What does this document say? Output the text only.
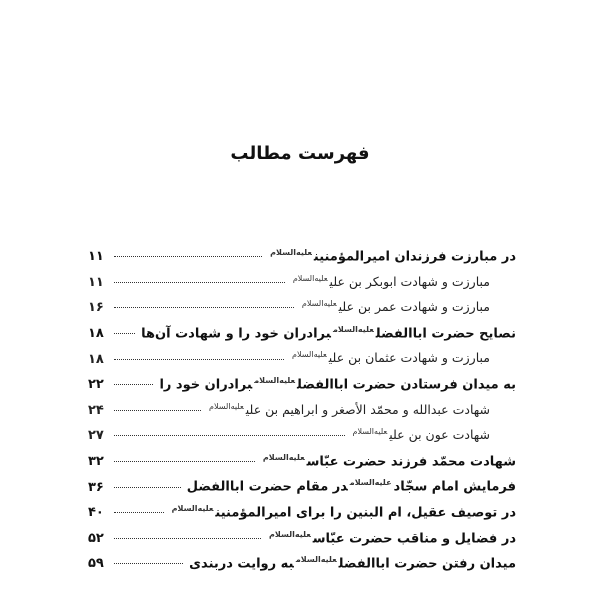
فهرست مطالب
در مبارزت فرزندان امیرالمؤمنین$^{عليه‌السلام}$
۱۱
مبارزت و شهادت ابوبکر بن علی$^{عليه‌السلام}$
۱۱
مبارزت و شهادت عمر بن علی$^{عليه‌السلام}$
۱۶
نصایح حضرت اباالفضل$^{عليه‌السلام}$برادران خود را و شهادت آن‌ها
۱۸
مبارزت و شهادت عثمان بن علی$^{عليه‌السلام}$
۱۸
به میدان فرستادن حضرت اباالفضل$^{عليه‌السلام}$برادران خود را
۲۲
شهادت عبدالله و محمّد الأصغر و ابراهیم بن علی$^{عليه‌السلام}$
۲۴
شهادت عون بن علی$^{عليه‌السلام}$
۲۷
شهادت محمّد فرزند حضرت عبّاس$^{عليه‌السلام}$
۳۲
فرمایش امام سجّاد$^{عليه‌السلام}$در مقام حضرت اباالفضل
۳۶
در توصیف عقیل، ام البنین را برای امیرالمؤمنین$^{عليه‌السلام}$
۴۰
در فضایل و مناقب حضرت عبّاس$^{عليه‌السلام}$
۵۲
میدان رفتن حضرت اباالفضل$^{عليه‌السلام}$به روایت دربندی
۵۹
